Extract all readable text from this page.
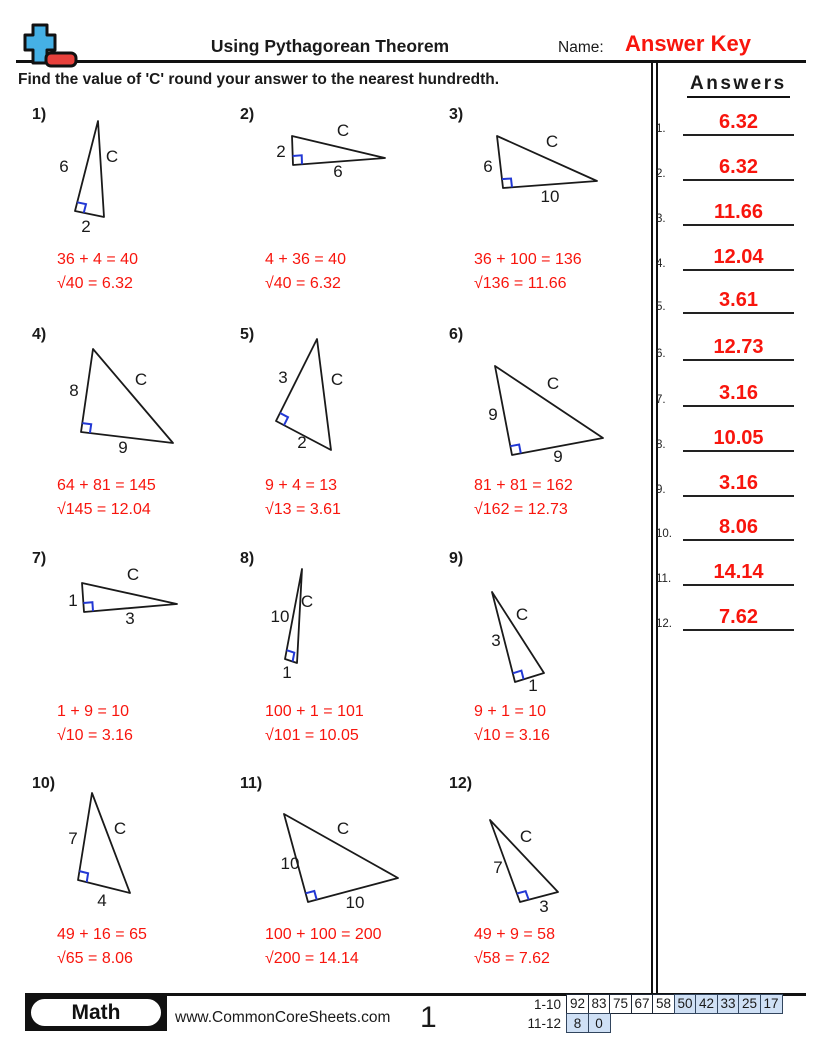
Using Pythagorean Theorem	Name: Answer Key
Find the value of 'C' round your answer to the nearest hundredth.	Answers
1.	6.32
2.	6.32
3.	11.66
4.	12.04
5.	3.61
6.	12.73
7.	3.16
8.	10.05
9.	3.16
10.	8.06
11.	14.14
12.	7.62
1)
6
C
2
36 + 4 = 40
√40 = 6.32
2)
2
C
6
4 + 36 = 40
√40 = 6.32
3)
6
C
10
36 + 100 = 136
√136 = 11.66
4)
8
C
9
64 + 81 = 145
√145 = 12.04
5)
3	C
2
9 + 4 = 13
√13 = 3.61
6)
9
C
9
81 + 81 = 162
√162 = 12.73
7)
1
C
3
1 + 9 = 10
√10 = 3.16
8)
10
C
1
100 + 1 = 101
√101 = 10.05
9)
3
C
1
9 + 1 = 10
√10 = 3.16
10)
7
C
4
49 + 16 = 65
√65 = 8.06
11)
10
C
10
100 + 100 = 200
√200 = 14.14
12)
7
C
3
49 + 9 = 58
√58 = 7.62
Math	www.CommonCoreSheets.com 1	1-10 92 83 75 67 58 50 42 33 25 17
11-12 8	0
